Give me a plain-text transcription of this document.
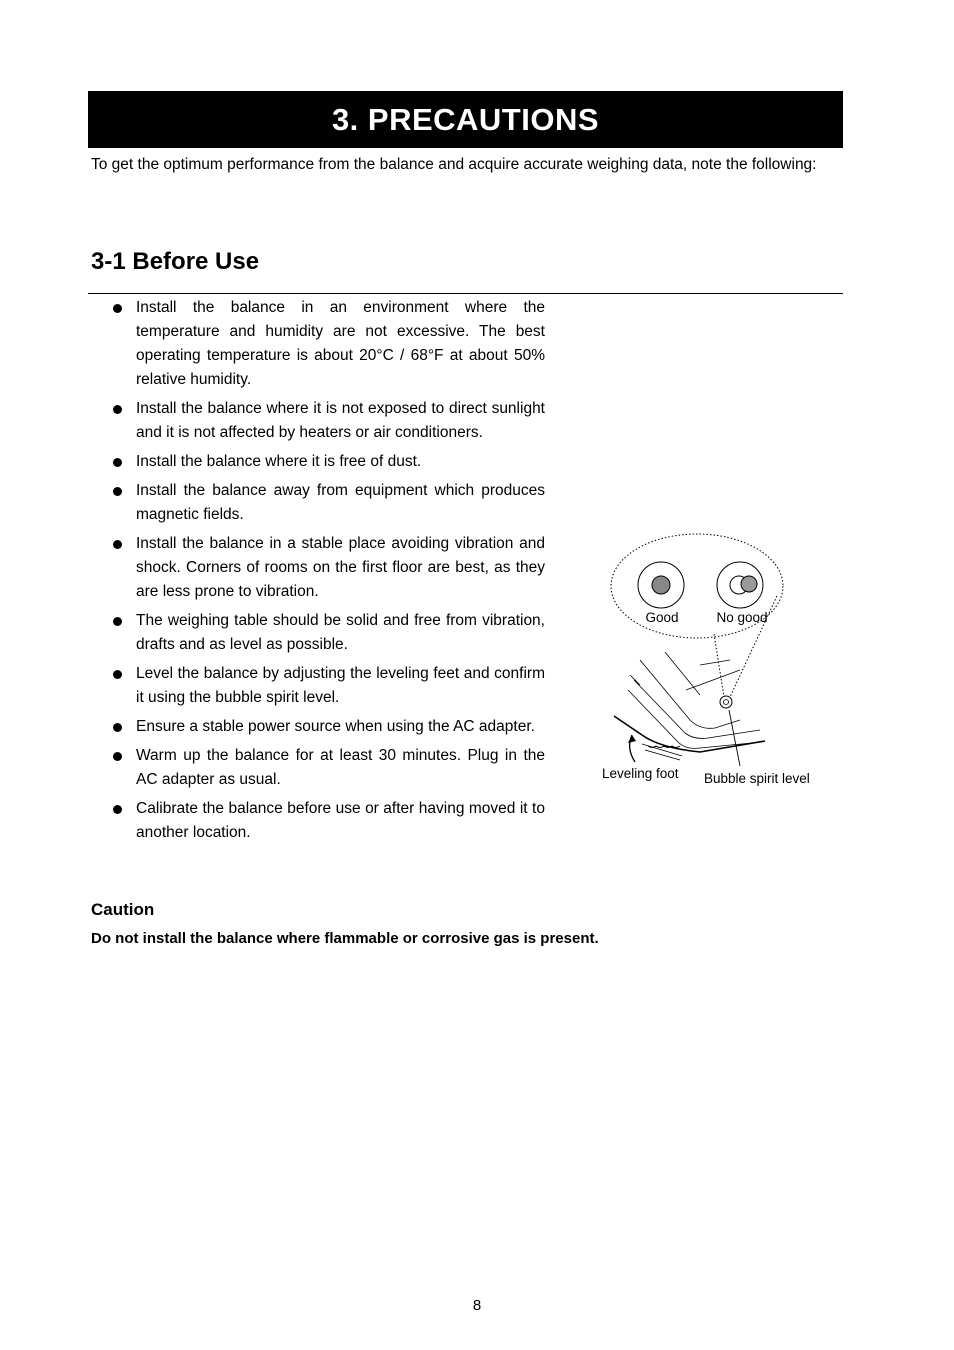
3. PRECAUTIONS
To get the optimum performance from the balance and acquire accurate weighing data, note the following:
3-1 Before Use
Install the balance in an environment where the temperature and humidity are not excessive. The best operating temperature is about 20°C / 68°F at about 50% relative humidity.
Install the balance where it is not exposed to direct sunlight and it is not affected by heaters or air conditioners.
Install the balance where it is free of dust.
Install the balance away from equipment which produces magnetic fields.
Install the balance in a stable place avoiding vibration and shock. Corners of rooms on the first floor are best, as they are less prone to vibration.
The weighing table should be solid and free from vibration, drafts and as level as possible.
Level the balance by adjusting the leveling feet and confirm it using the bubble spirit level.
Ensure a stable power source when using the AC adapter.
Warm up the balance for at least 30 minutes. Plug in the AC adapter as usual.
Calibrate the balance before use or after having moved it to another location.
Good	No good
Leveling foot Bubble spirit level
Caution
Do not install the balance where flammable or corrosive gas is present.
8
